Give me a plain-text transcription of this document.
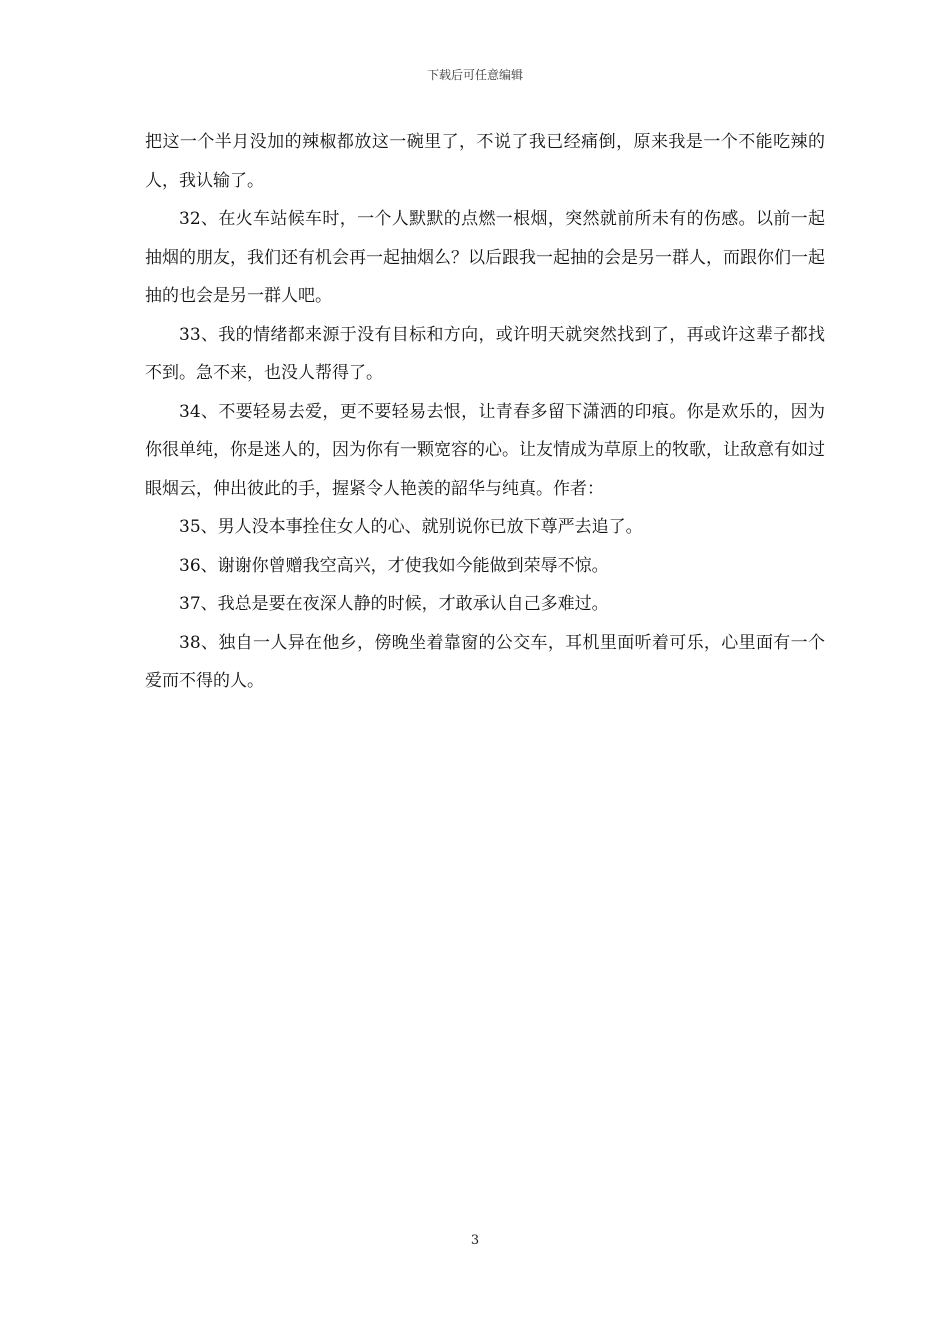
下载后可任意编辑

把这一个半月没加的辣椒都放这一碗里了，不说了我已经痛倒，原来我是一个不能吃辣的人，我认输了。

32、在火车站候车时，一个人默默的点燃一根烟，突然就前所未有的伤感。以前一起抽烟的朋友，我们还有机会再一起抽烟么？以后跟我一起抽的会是另一群人，而跟你们一起抽的也会是另一群人吧。

33、我的情绪都来源于没有目标和方向，或许明天就突然找到了，再或许这辈子都找不到。急不来，也没人帮得了。

34、不要轻易去爱，更不要轻易去恨，让青春多留下潇洒的印痕。你是欢乐的，因为你很单纯，你是迷人的，因为你有一颗宽容的心。让友情成为草原上的牧歌，让敌意有如过眼烟云，伸出彼此的手，握紧令人艳羡的韶华与纯真。作者：

35、男人没本事拴住女人的心、就别说你已放下尊严去追了。

36、谢谢你曾赠我空高兴，才使我如今能做到荣辱不惊。

37、我总是要在夜深人静的时候，才敢承认自己多难过。

38、独自一人异在他乡，傍晚坐着靠窗的公交车，耳机里面听着可乐，心里面有一个爱而不得的人。

3
